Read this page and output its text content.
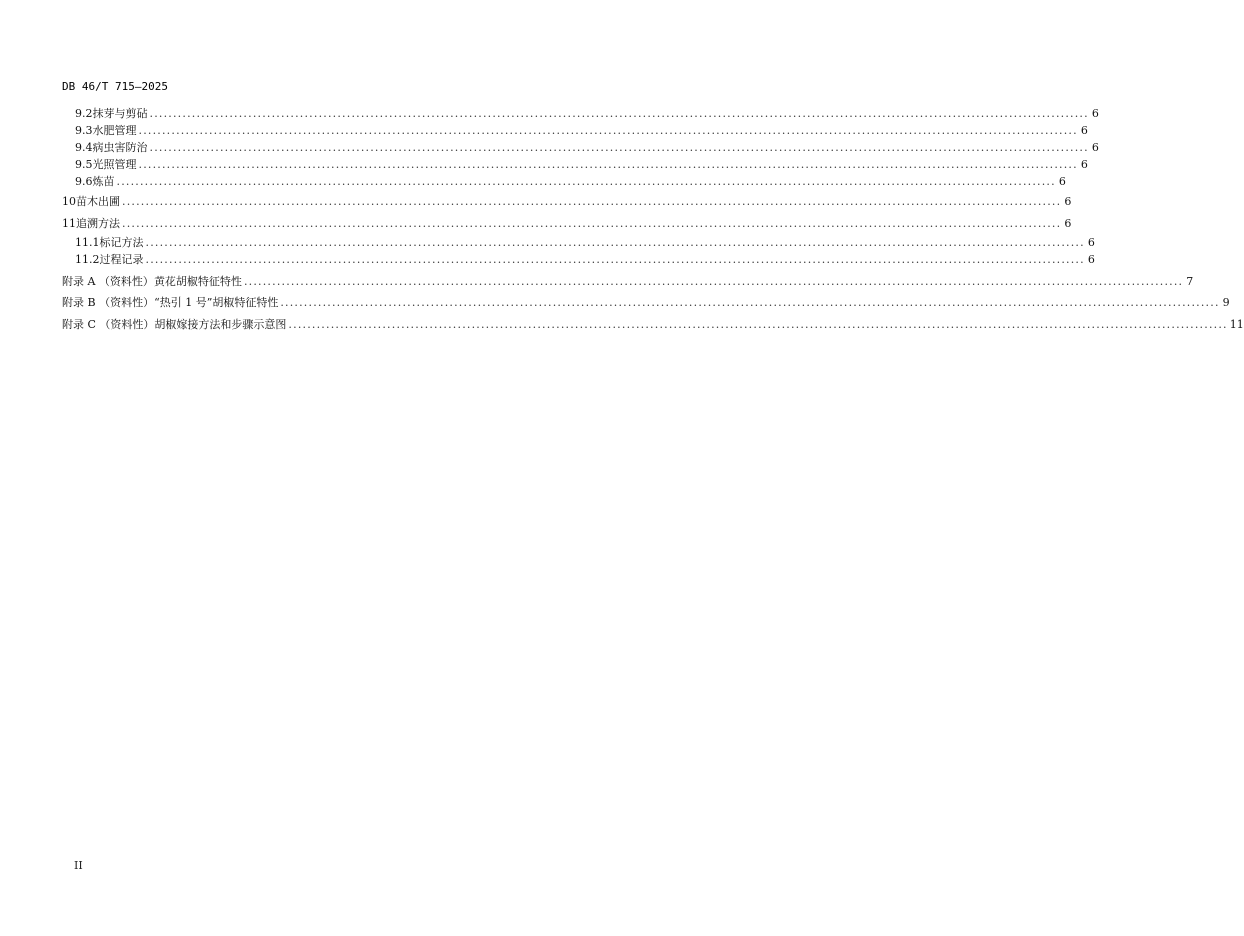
DB 46/T 715—2025
9.2 抹芽与剪砧 ........................................................................................................................................................................................................ 6
9.3 水肥管理 ........................................................................................................................................................................................................ 6
9.4 病虫害防治 ........................................................................................................................................................................................................ 6
9.5 光照管理 ........................................................................................................................................................................................................ 6
9.6 炼苗 ........................................................................................................................................................................................................ 6
10 苗木出圃 ........................................................................................................................................................................................................ 6
11 追溯方法 ........................................................................................................................................................................................................ 6
11.1 标记方法 ........................................................................................................................................................................................................ 6
11.2 过程记录 ........................................................................................................................................................................................................ 6
附录 A （资料性） 黄花胡椒特征特性 ........................................................................................................................................................................................................ 7
附录 B （资料性） “热引 1 号”胡椒特征特性 ........................................................................................................................................................................................................ 9
附录 C （资料性） 胡椒嫁接方法和步骤示意图 ........................................................................................................................................................................................................ 11
II
